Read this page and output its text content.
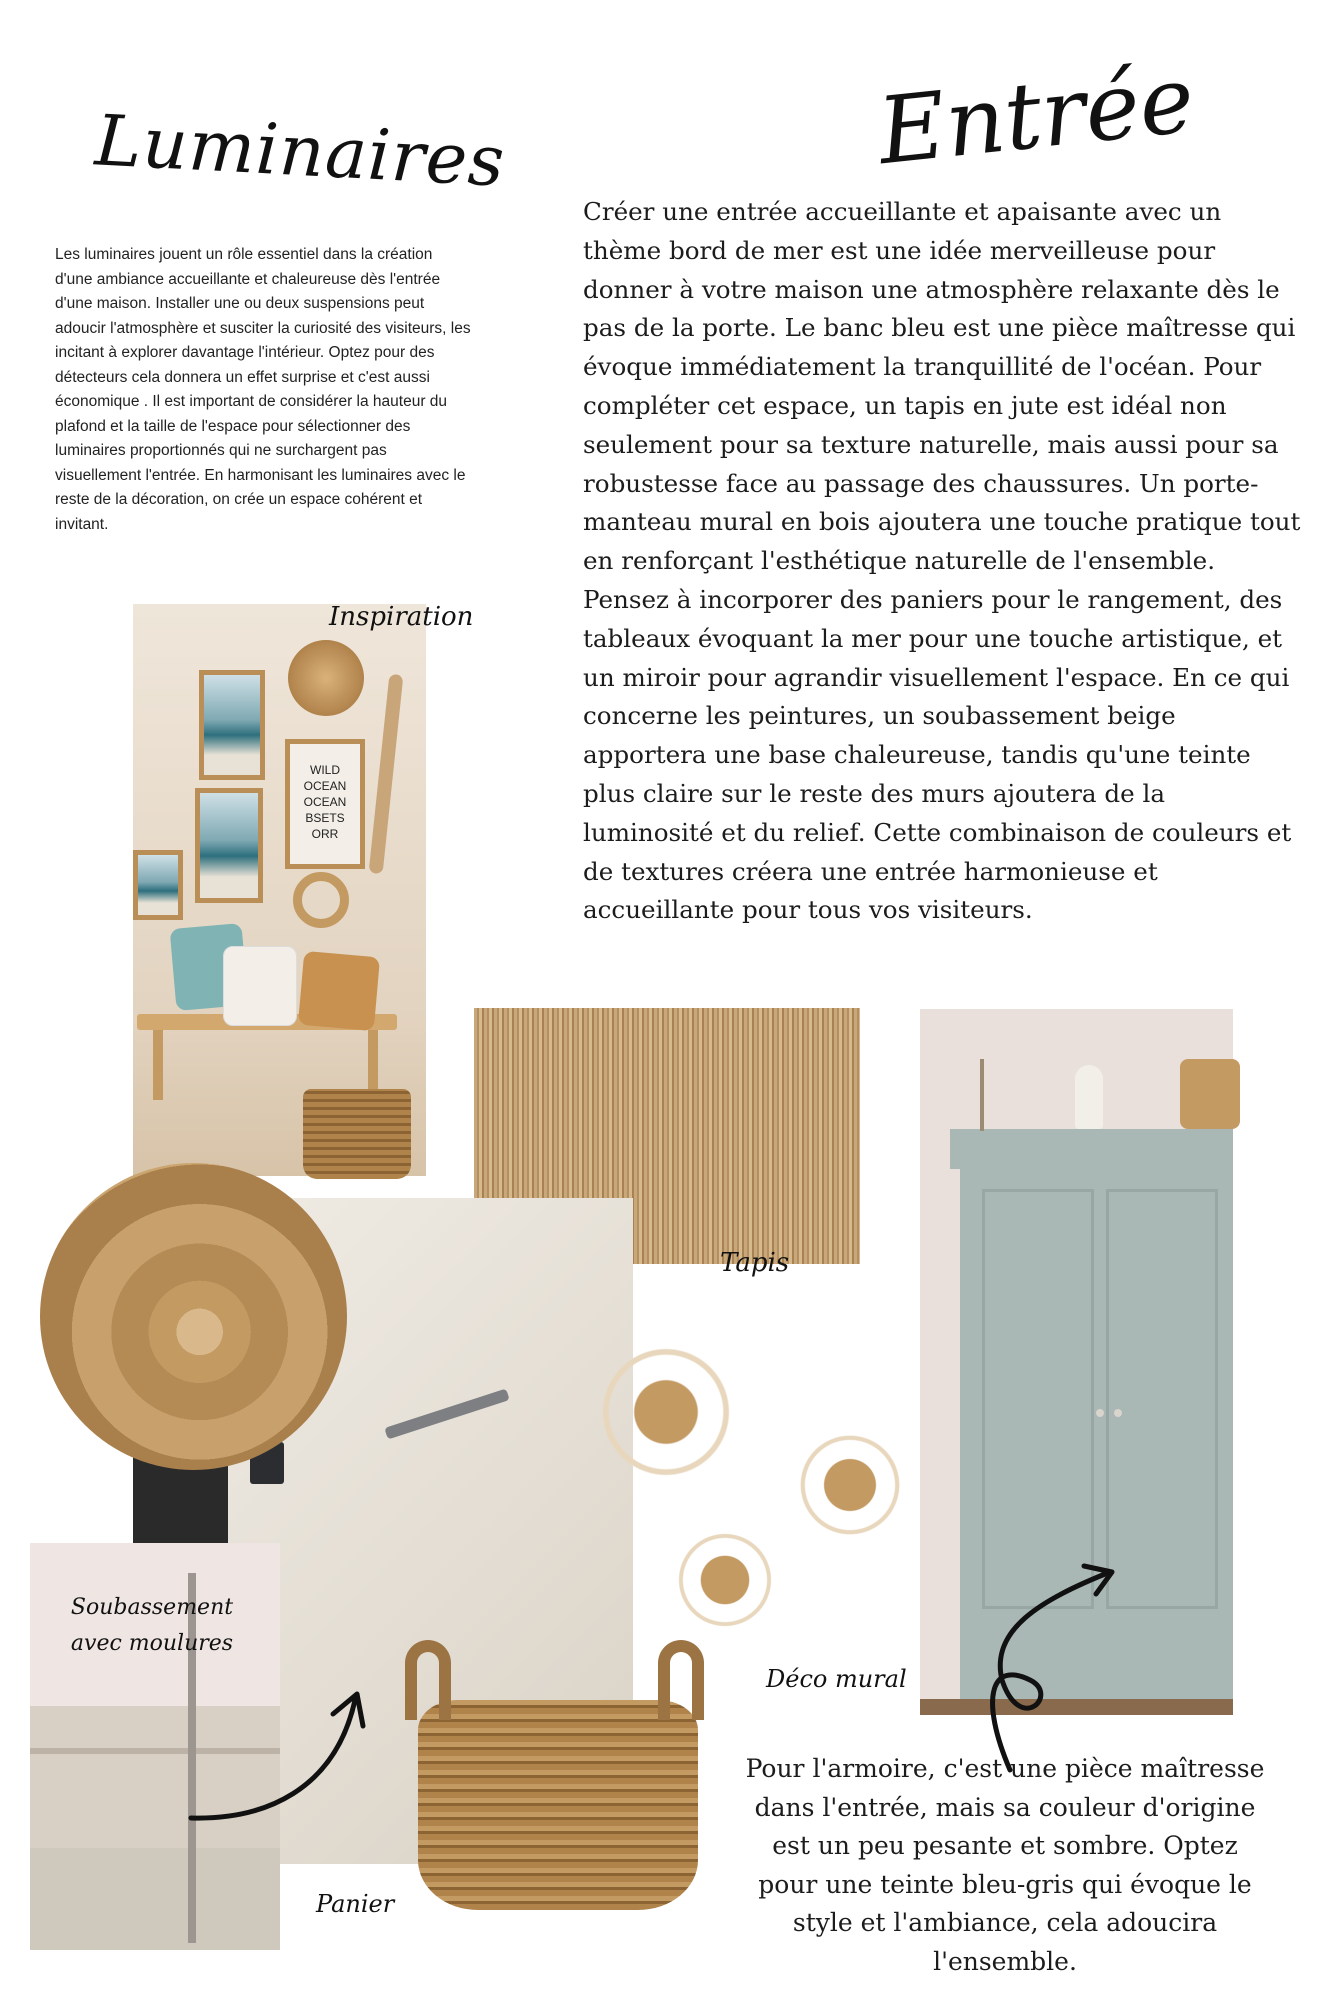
Luminaires	Entrée
Les luminaires jouent un rôle essentiel dans la création d'une ambiance accueillante et chaleureuse dès l'entrée d'une maison. Installer une ou deux suspensions peut adoucir l'atmosphère et susciter la curiosité des visiteurs, les incitant à explorer davantage l'intérieur. Optez pour des détecteurs cela donnera un effet surprise et c'est aussi économique . Il est important de considérer la hauteur du plafond et la taille de l'espace pour sélectionner des luminaires proportionnés qui ne surchargent pas visuellement l'entrée. En harmonisant les luminaires avec le reste de la décoration, on crée un espace cohérent et invitant.
Créer une entrée accueillante et apaisante avec un thème bord de mer est une idée merveilleuse pour donner à votre maison une atmosphère relaxante dès le pas de la porte. Le banc bleu est une pièce maîtresse qui évoque immédiatement la tranquillité de l'océan. Pour compléter cet espace, un tapis en jute est idéal non seulement pour sa texture naturelle, mais aussi pour sa robustesse face au passage des chaussures. Un porte-manteau mural en bois ajoutera une touche pratique tout en renforçant l'esthétique naturelle de l'ensemble. Pensez à incorporer des paniers pour le rangement, des tableaux évoquant la mer pour une touche artistique, et un miroir pour agrandir visuellement l'espace. En ce qui concerne les peintures, un soubassement beige apportera une base chaleureuse, tandis qu'une teinte plus claire sur le reste des murs ajoutera de la luminosité et du relief. Cette combinaison de couleurs et de textures créera une entrée harmonieuse et accueillante pour tous vos visiteurs.
WILD OCEAN OCEAN BSETS ORR
Inspiration
Tapis
Déco mural
Soubassement avec moulures
Panier
Pour l'armoire, c'est une pièce maîtresse dans l'entrée, mais sa couleur d'origine est un peu pesante et sombre. Optez pour une teinte bleu-gris qui évoque le style et l'ambiance, cela adoucira l'ensemble.
